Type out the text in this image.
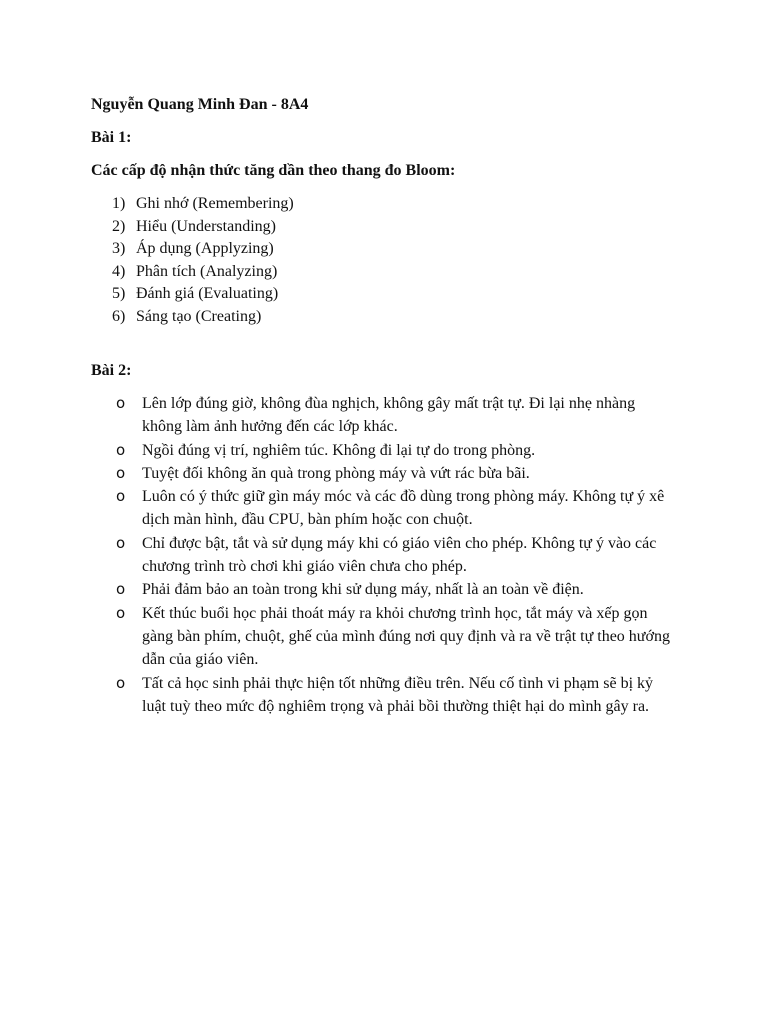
Nguyễn Quang Minh Đan - 8A4
Bài 1:
Các cấp độ nhận thức tăng dần theo thang đo Bloom:
1) Ghi nhớ (Remembering)
2) Hiểu (Understanding)
3) Áp dụng (Applyzing)
4) Phân tích (Analyzing)
5) Đánh giá (Evaluating)
6) Sáng tạo (Creating)
Bài 2:
o Lên lớp đúng giờ, không đùa nghịch, không gây mất trật tự. Đi lại nhẹ nhàng không làm ảnh hưởng đến các lớp khác.
o Ngồi đúng vị trí, nghiêm túc. Không đi lại tự do trong phòng.
o Tuyệt đối không ăn quà trong phòng máy và vứt rác bừa bãi.
o Luôn có ý thức giữ gìn máy móc và các đồ dùng trong phòng máy. Không tự ý xê dịch màn hình, đầu CPU, bàn phím hoặc con chuột.
o Chỉ được bật, tắt và sử dụng máy khi có giáo viên cho phép. Không tự ý vào các chương trình trò chơi khi giáo viên chưa cho phép.
o Phải đảm bảo an toàn trong khi sử dụng máy, nhất là an toàn về điện.
o Kết thúc buổi học phải thoát máy ra khỏi chương trình học, tắt máy và xếp gọn gàng bàn phím, chuột, ghế của mình đúng nơi quy định và ra về trật tự theo hướng dẫn của giáo viên.
o Tất cả học sinh phải thực hiện tốt những điều trên. Nếu cố tình vi phạm sẽ bị kỷ luật tuỳ theo mức độ nghiêm trọng và phải bồi thường thiệt hại do mình gây ra.
